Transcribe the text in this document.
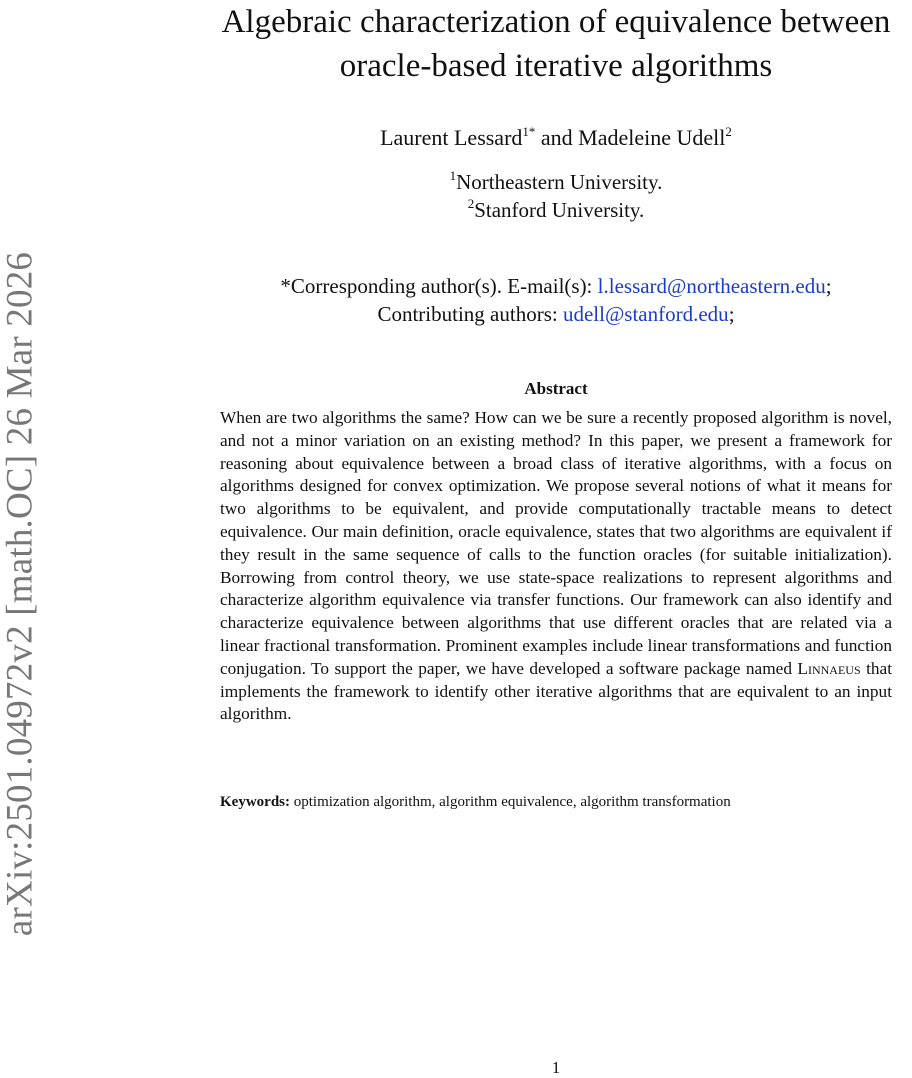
arXiv:2501.04972v2 [math.OC] 26 Mar 2026
Algebraic characterization of equivalence between
oracle-based iterative algorithms
Laurent Lessard$^{1*}$ and Madeleine Udell$^2$
$^1$Northeastern University.
$^2$Stanford University.
*Corresponding author(s). E-mail(s): l.lessard@northeastern.edu;
Contributing authors: udell@stanford.edu;
Abstract
When are two algorithms the same? How can we be sure a recently proposed algorithm is novel, and not a minor variation on an existing method? In this paper, we present a framework for reasoning about equivalence between a broad class of iterative algorithms, with a focus on algorithms designed for convex optimization. We propose several notions of what it means for two algorithms to be equivalent, and provide computationally tractable means to detect equivalence. Our main definition, oracle equivalence, states that two algorithms are equivalent if they result in the same sequence of calls to the function oracles (for suitable initialization). Borrowing from control theory, we use state-space realizations to represent algorithms and characterize algorithm equivalence via transfer functions. Our framework can also identify and characterize equivalence between algorithms that use different oracles that are related via a linear fractional transformation. Prominent examples include linear transformations and function conjugation. To support the paper, we have developed a software package named Linnaeus that implements the framework to identify other iterative algorithms that are equivalent to an input algorithm.
Keywords: optimization algorithm, algorithm equivalence, algorithm transformation
1
